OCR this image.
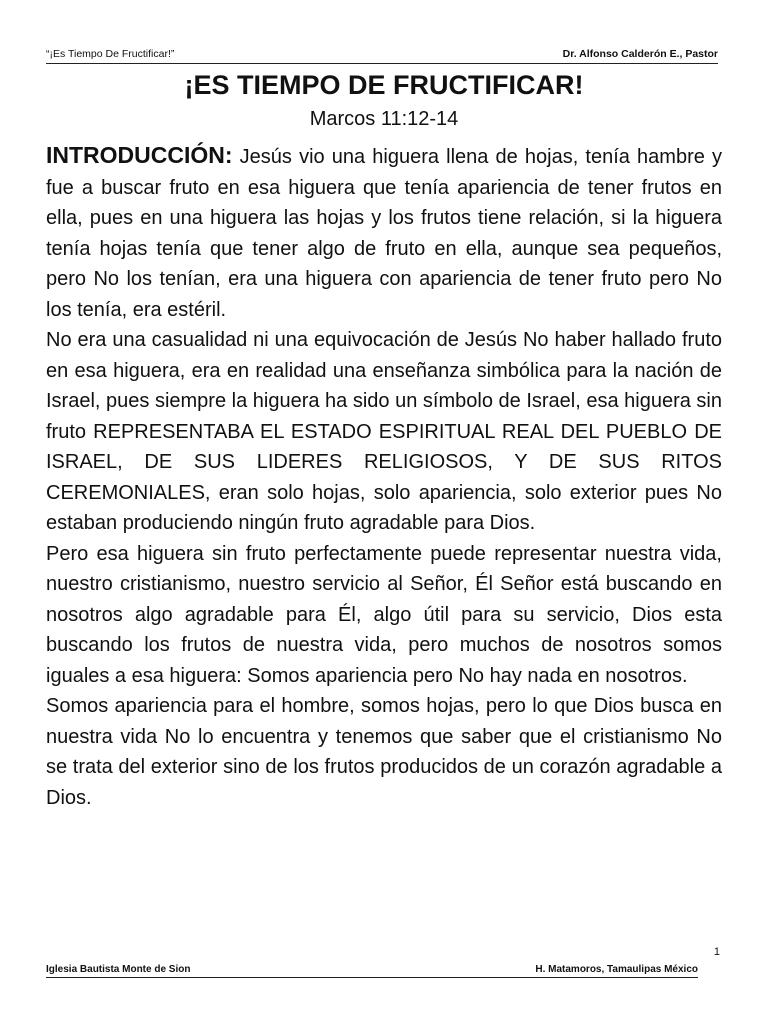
“¡Es Tiempo De Fructificar!”	Dr. Alfonso Calderón E., Pastor
¡ES TIEMPO DE FRUCTIFICAR!
Marcos 11:12-14

INTRODUCCIÓN: Jesús vio una higuera llena de hojas, tenía hambre y fue a buscar fruto en esa higuera que tenía apariencia de tener frutos en ella, pues en una higuera las hojas y los frutos tiene relación, si la higuera tenía hojas tenía que tener algo de fruto en ella, aunque sea pequeños, pero No los tenían, era una higuera con apariencia de tener fruto pero No los tenía, era estéril.

No era una casualidad ni una equivocación de Jesús No haber hallado fruto en esa higuera, era en realidad una enseñanza simbólica para la nación de Israel, pues siempre la higuera ha sido un símbolo de Israel, esa higuera sin fruto REPRESENTABA EL ESTADO ESPIRITUAL REAL DEL PUEBLO DE ISRAEL, DE SUS LIDERES RELIGIOSOS, Y DE SUS RITOS CEREMONIALES, eran solo hojas, solo apariencia, solo exterior pues No estaban produciendo ningún fruto agradable para Dios.

Pero esa higuera sin fruto perfectamente puede representar nuestra vida, nuestro cristianismo, nuestro servicio al Señor, Él Señor está buscando en nosotros algo agradable para Él, algo útil para su servicio, Dios esta buscando los frutos de nuestra vida, pero muchos de nosotros somos iguales a esa higuera: Somos apariencia pero No hay nada en nosotros.

Somos apariencia para el hombre, somos hojas, pero lo que Dios busca en nuestra vida No lo encuentra y tenemos que saber que el cristianismo No se trata del exterior sino de los frutos producidos de un corazón agradable a Dios.

1
Iglesia Bautista Monte de Sion	H. Matamoros, Tamaulipas México
